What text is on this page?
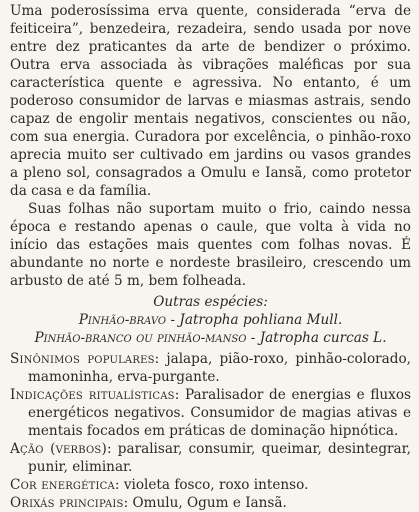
Uma poderosíssima erva quente, considerada “erva de feiticeira”, benzedeira, rezadeira, sendo usada por nove entre dez praticantes da arte de bendizer o próximo. Outra erva associada às vibrações maléficas por sua característica quente e agressiva. No entanto, é um poderoso consumidor de larvas e miasmas astrais, sendo capaz de engolir mentais negativos, conscientes ou não, com sua energia. Curadora por excelência, o pinhão-roxo aprecia muito ser cultivado em jardins ou vasos grandes a pleno sol, consagrados a Omulu e Iansã, como protetor da casa e da família.

Suas folhas não suportam muito o frio, caindo nessa época e restando apenas o caule, que volta à vida no início das estações mais quentes com folhas novas. É abundante no norte e nordeste brasileiro, crescendo um arbusto de até 5 m, bem folheada.

Outras espécies:

Pinhão-bravo - Jatropha pohliana Mull.

Pinhão-branco ou pinhão-manso - Jatropha curcas L.

Sinônimos populares: jalapa, pião-roxo, pinhão-colorado, mamoninha, erva-purgante.

Indicações ritualísticas: Paralisador de energias e fluxos energéticos negativos. Consumidor de magias ativas e mentais focados em práticas de dominação hipnótica.

Ação (verbos): paralisar, consumir, queimar, desintegrar, punir, eliminar.

Cor energética: violeta fosco, roxo intenso.

Orixás principais: Omulu, Ogum e Iansã.
